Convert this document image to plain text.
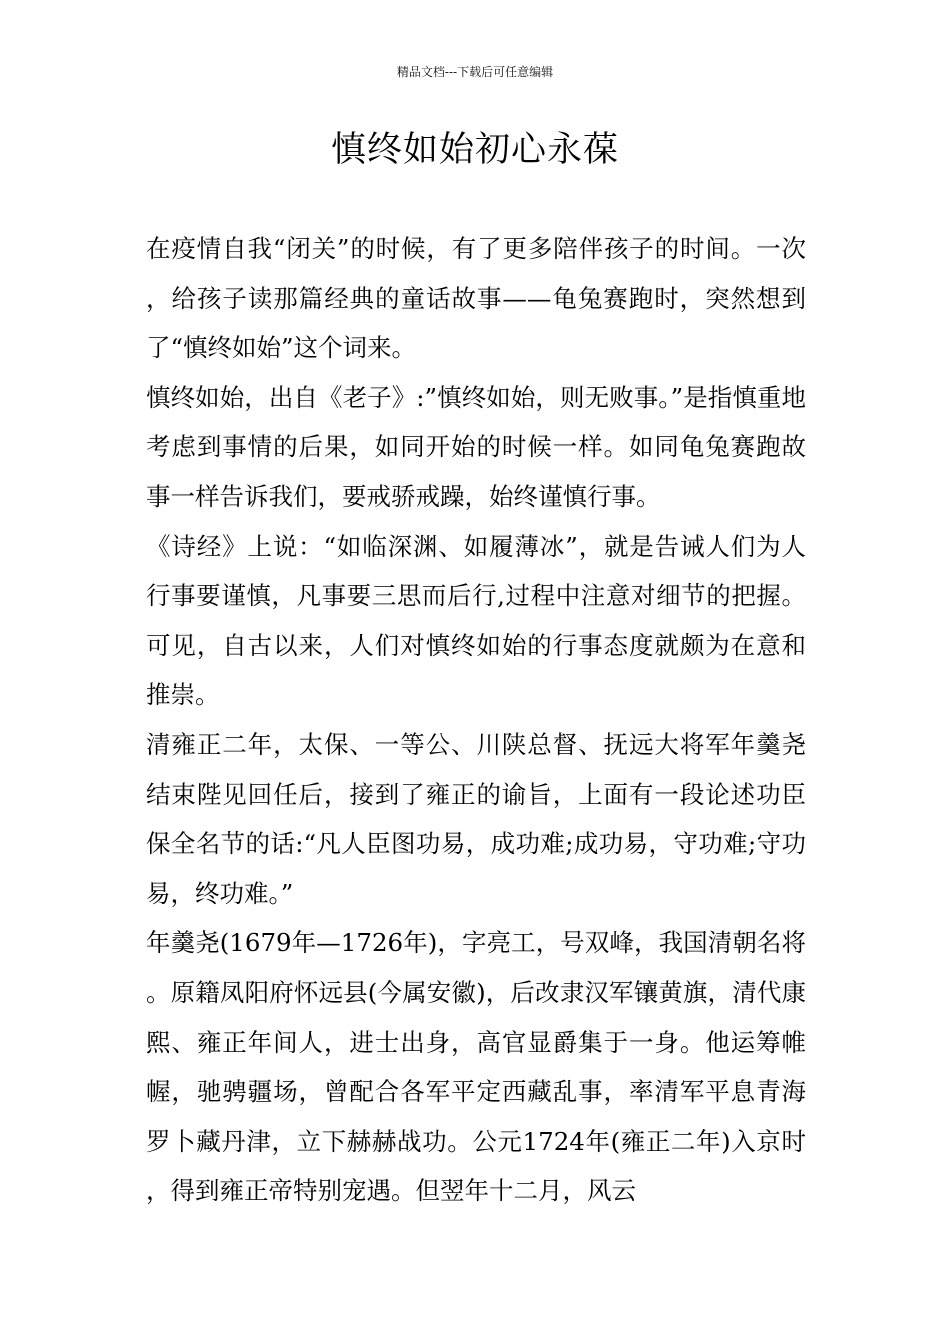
精品文档---下载后可任意编辑
慎终如始初心永葆

在疫情自我“闭关”的时候，有了更多陪伴孩子的时间。一次，给孩子读那篇经典的童话故事——龟兔赛跑时，突然想到了“慎终如始”这个词来。

慎终如始，出自《老子》:”慎终如始，则无败事。”是指慎重地考虑到事情的后果，如同开始的时候一样。如同龟兔赛跑故事一样告诉我们，要戒骄戒躁，始终谨慎行事。

《诗经》上说：“如临深渊、如履薄冰”，就是告诫人们为人行事要谨慎，凡事要三思而后行,过程中注意对细节的把握。可见，自古以来，人们对慎终如始的行事态度就颇为在意和推崇。

清雍正二年，太保、一等公、川陕总督、抚远大将军年羹尧结束陛见回任后，接到了雍正的谕旨，上面有一段论述功臣保全名节的话:“凡人臣图功易，成功难;成功易，守功难;守功易，终功难。”

年羹尧(1679年—1726年)，字亮工，号双峰，我国清朝名将。原籍凤阳府怀远县(今属安徽)，后改隶汉军镶黄旗，清代康熙、雍正年间人，进士出身，高官显爵集于一身。他运筹帷幄，驰骋疆场，曾配合各军平定西藏乱事，率清军平息青海罗卜藏丹津，立下赫赫战功。公元1724年(雍正二年)入京时，得到雍正帝特别宠遇。但翌年十二月，风云
